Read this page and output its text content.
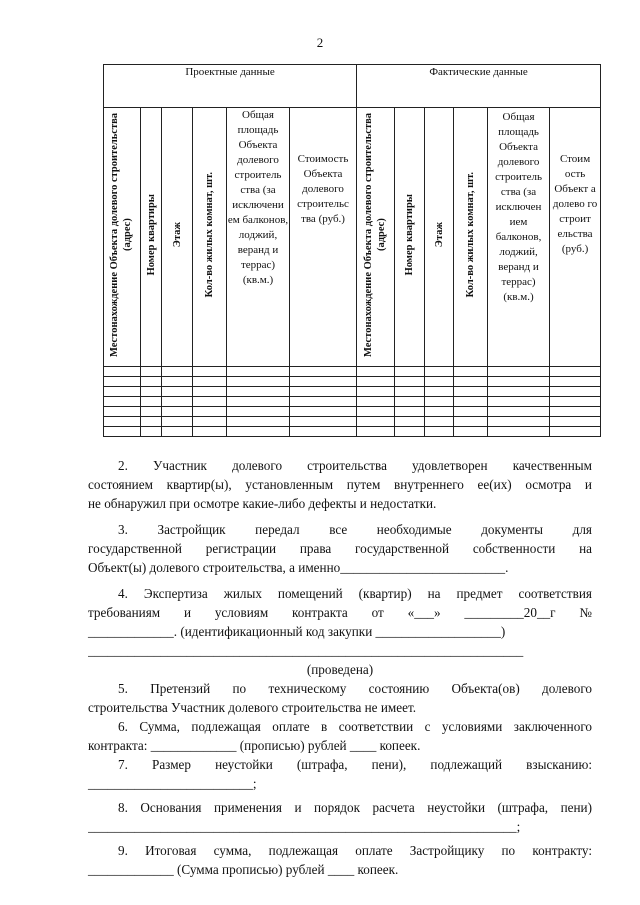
2
Проектные данные						Фактические данные					
Местонахождение Объекта долевого строительства (адрес)	Номер квартиры	Этаж	Кол-во жилых комнат, шт.	Общая площадь Объекта долевого строитель ства (за исключени ем балконов, лоджий, веранд и террас) (кв.м.)	Стоимость Объекта долевого строительс тва (руб.)	Местонахождение Объекта долевого строительства (адрес)	Номер квартиры	Этаж	Кол-во жилых комнат, шт.	Общая площадь Объекта долевого строитель ства (за исключен ием балконов, лоджий, веранд и террас) (кв.м.)	Стоим ость Объект а долево го строит ельства (руб.)

2. Участник долевого строительства удовлетворен качественным

состоянием квартир(ы), установленным путем внутреннего ее(их) осмотра и

не обнаружил при осмотре какие-либо дефекты и недостатки.

3. Застройщик передал все необходимые документы для

государственной регистрации права государственной собственности на

Объект(ы) долевого строительства, а именно_________________________.

4. Экспертиза жилых помещений (квартир) на предмет соответствия

требованиям и условиям контракта от «___» _________20__г №

_____________. (идентификационный код закупки ___________________)

__________________________________________________________________

(проведена)

5. Претензий по техническому состоянию Объекта(ов) долевого

строительства Участник долевого строительства не имеет.

6. Сумма, подлежащая оплате в соответствии с условиями заключенного

контракта: _____________ (прописью) рублей ____ копеек.

7. Размер неустойки (штрафа, пени), подлежащий взысканию:

_________________________;

8. Основания применения и порядок расчета неустойки (штрафа, пени)

_________________________________________________________________;

9. Итоговая сумма, подлежащая оплате Застройщику по контракту:

_____________ (Сумма прописью) рублей ____ копеек.
